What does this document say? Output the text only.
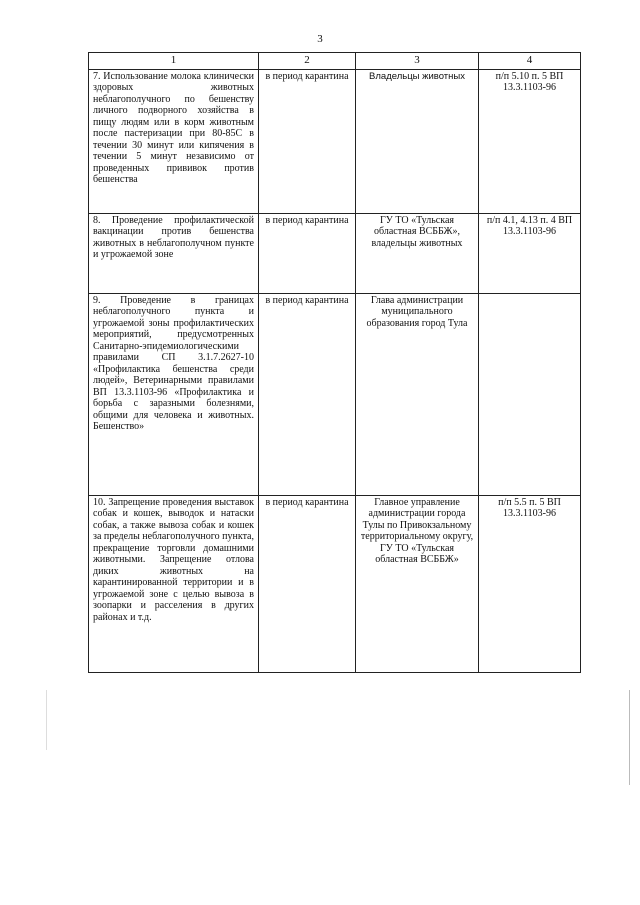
3
1	2	3	4
7. Использование молока клинически здоровых животных неблагополучного по бешенству личного подворного хозяйства в пищу людям или в корм животным после пастеризации при 80-85С в течении 30 минут или кипячения в течении 5 минут независимо от проведенных прививок против бешенства	в период карантина	Владельцы животных	п/п 5.10 п. 5 ВП 13.3.1103-96
8. Проведение профилактической вакцинации против бешенства животных в неблагополучном пункте и угрожаемой зоне	в период карантина	ГУ ТО «Тульская областная ВСББЖ», владельцы животных	п/п 4.1, 4.13 п. 4 ВП 13.3.1103-96
9. Проведение в границах неблагополучного пункта и угрожаемой зоны профилактических мероприятий, предусмотренных Санитарно-эпидемиологическими правилами СП 3.1.7.2627-10 «Профилактика бешенства среди людей», Ветеринарными правилами ВП 13.3.1103-96 «Профилактика и борьба с заразными болезнями, общими для человека и животных. Бешенство»	в период карантина	Глава администрации муниципального образования город Тула	
10. Запрещение проведения выставок собак и кошек, выводок и натаски собак, а также вывоза собак и кошек за пределы неблагополучного пункта, прекращение торговли домашними животными. Запрещение отлова диких животных на карантинированной территории и в угрожаемой зоне с целью вывоза в зоопарки и расселения в других районах и т.д.	в период карантина	Главное управление администрации города Тулы по Привокзальному территориальному округу, ГУ ТО «Тульская областная ВСББЖ»	п/п 5.5 п. 5 ВП 13.3.1103-96
